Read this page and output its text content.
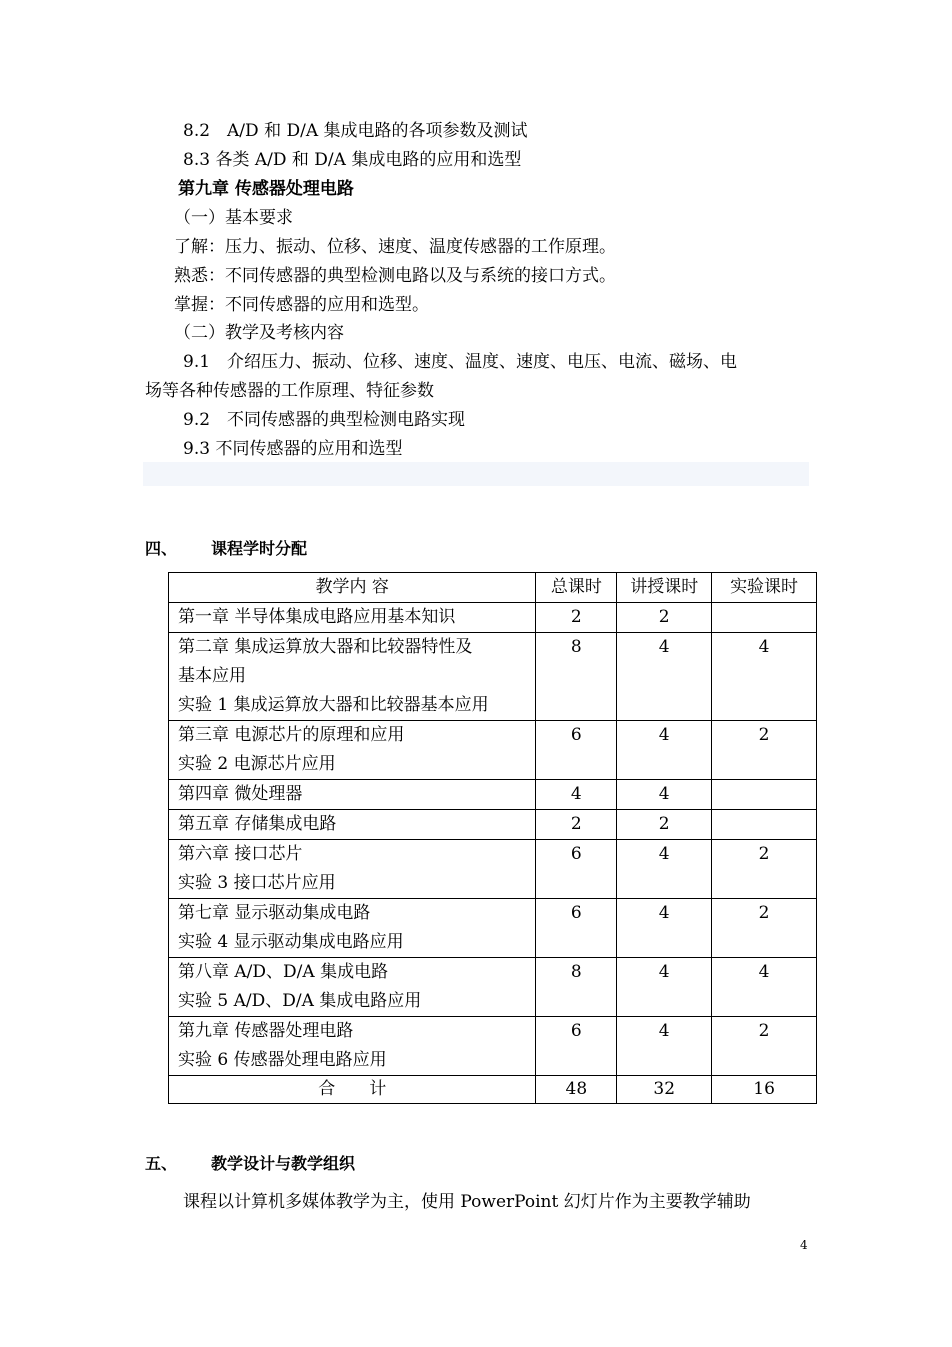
8.2　A/D 和 D/A 集成电路的各项参数及测试
8.3 各类 A/D 和 D/A 集成电路的应用和选型
第九章 传感器处理电路
（一）基本要求
了解：压力、振动、位移、速度、温度传感器的工作原理。
熟悉：不同传感器的典型检测电路以及与系统的接口方式。
掌握：不同传感器的应用和选型。
（二）教学及考核内容
9.1　介绍压力、振动、位移、速度、温度、速度、电压、电流、磁场、电
场等各种传感器的工作原理、特征参数
9.2　不同传感器的典型检测电路实现
9.3 不同传感器的应用和选型
四、 课程学时分配
教学内 容	总课时	讲授课时	实验课时

第一章 半导体集成电路应用基本知识	2	2	

第二章 集成运算放大器和比较器特性及
基本应用
实验 1 集成运算放大器和比较器基本应用	8	4	4

第三章 电源芯片的原理和应用
实验 2 电源芯片应用	6	4	2

第四章 微处理器	4	4	

第五章 存储集成电路	2	2	

第六章 接口芯片
实验 3 接口芯片应用	6	4	2

第七章 显示驱动集成电路
实验 4 显示驱动集成电路应用	6	4	2

第八章 A/D、D/A 集成电路
实验 5 A/D、D/A 集成电路应用	8	4	4

第九章 传感器处理电路
实验 6 传感器处理电路应用	6	4	2
合　　计	48	32	16
五、 教学设计与教学组织
课程以计算机多媒体教学为主，使用 PowerPoint 幻灯片作为主要教学辅助
4
